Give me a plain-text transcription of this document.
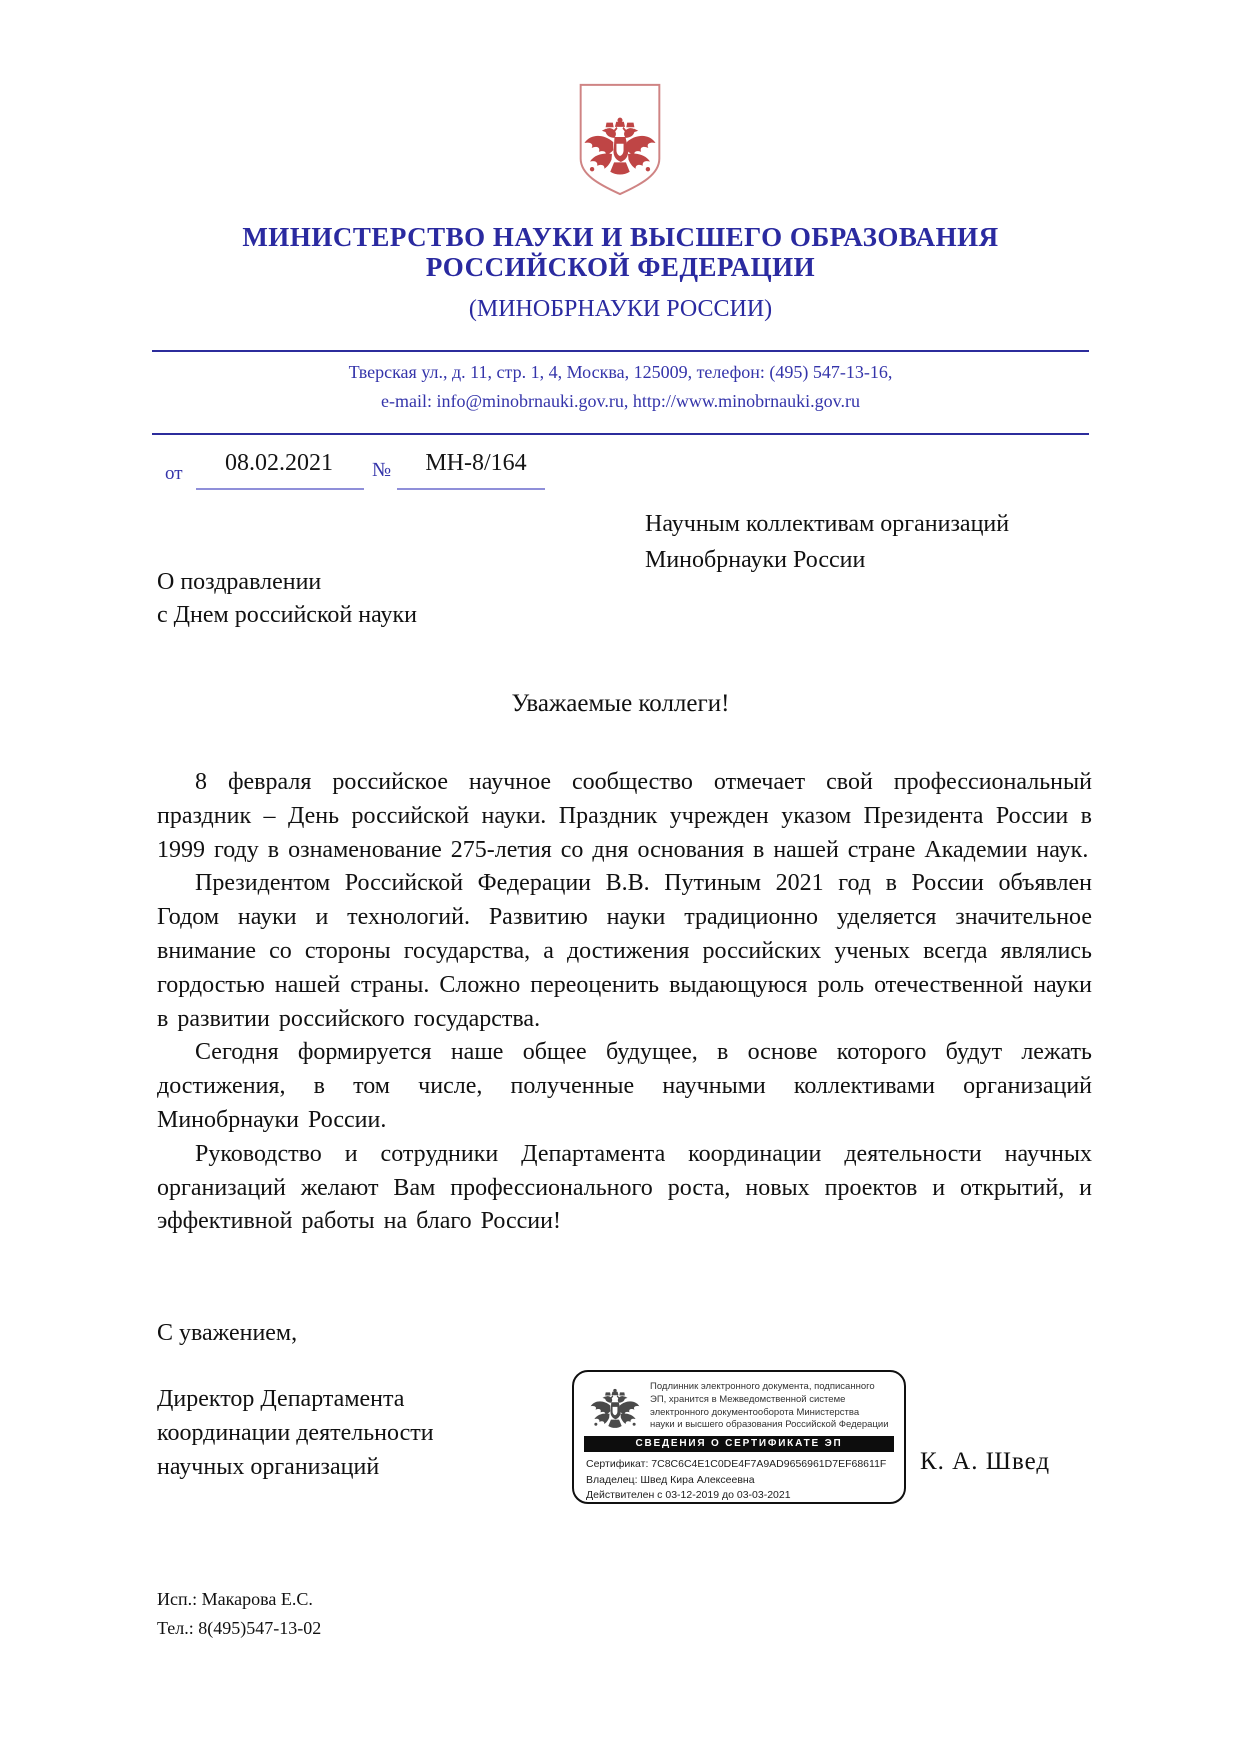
МИНИСТЕРСТВО НАУКИ И ВЫСШЕГО ОБРАЗОВАНИЯ
РОССИЙСКОЙ ФЕДЕРАЦИИ
(МИНОБРНАУКИ РОССИИ)
Тверская ул., д. 11, стр. 1, 4, Москва, 125009, телефон: (495) 547-13-16,
e-mail: info@minobrnauki.gov.ru, http://www.minobrnauki.gov.ru
от	08.02.2021	№	МН-8/164
Научным коллективам организаций
Минобрнауки России
О поздравлении
с Днем российской науки
Уважаемые коллеги!

8 февраля российское научное сообщество отмечает свой профессиональный праздник – День российской науки. Праздник учрежден указом Президента России в 1999 году в ознаменование 275-летия со дня основания в нашей стране Академии наук.

Президентом Российской Федерации В.В. Путиным 2021 год в России объявлен Годом науки и технологий. Развитию науки традиционно уделяется значительное внимание со стороны государства, а достижения российских ученых всегда являлись гордостью нашей страны. Сложно переоценить выдающуюся роль отечественной науки в развитии российского государства.

Сегодня формируется наше общее будущее, в основе которого будут лежать достижения, в том числе, полученные научными коллективами организаций Минобрнауки России.

Руководство и сотрудники Департамента координации деятельности научных организаций желают Вам профессионального роста, новых проектов и открытий, и эффективной работы на благо России!

С уважением,
Директор Департамента
координации деятельности
научных организаций
Подлинник электронного документа, подписанного
ЭП, хранится в Межведомственной системе
электронного документооборота Министерства
науки и высшего образования Российской Федерации
СВЕДЕНИЯ О СЕРТИФИКАТЕ ЭП
Сертификат: 7C8C6C4E1C0DE4F7A9AD9656961D7EF68611F
Владелец: Швед Кира Алексеевна
Действителен с 03-12-2019 до 03-03-2021
К. А. Швед
Исп.: Макарова Е.С.
Тел.: 8(495)547-13-02
